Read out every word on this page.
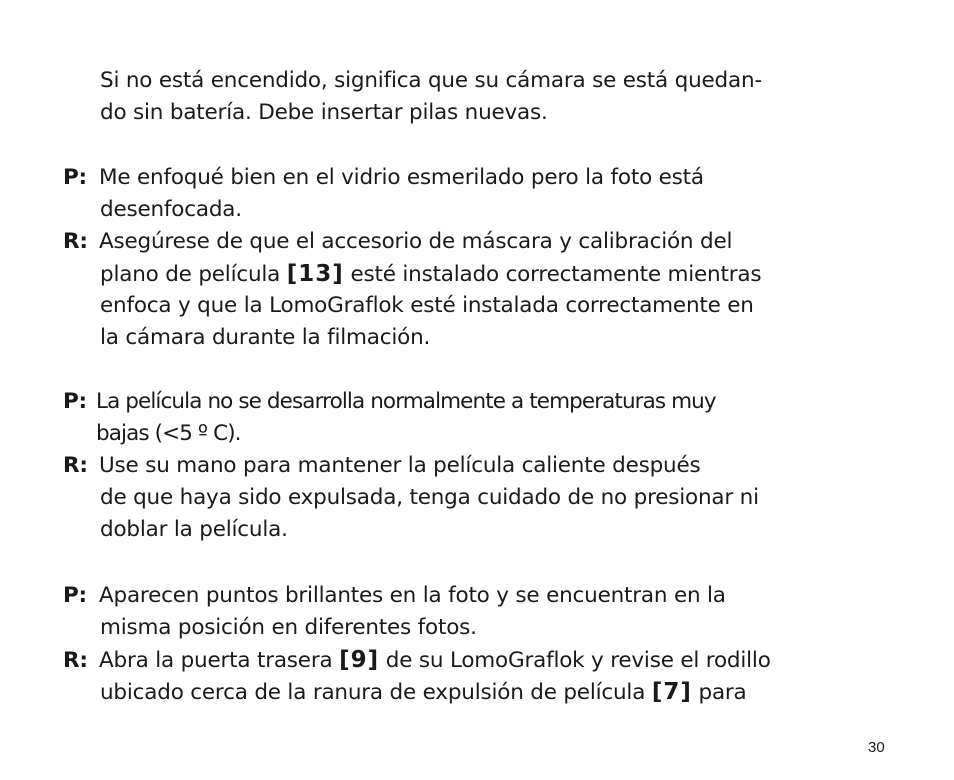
Si no está encendido, significa que su cámara se está quedan-
do sin batería. Debe insertar pilas nuevas.
P: Me enfoqué bien en el vidrio esmerilado pero la foto está
desenfocada.
R: Asegúrese de que el accesorio de máscara y calibración del
plano de película [13] esté instalado correctamente mientras
enfoca y que la LomoGraflok esté instalada correctamente en
la cámara durante la filmación.
P: La película no se desarrolla normalmente a temperaturas muy
bajas (<5 º C).
R: Use su mano para mantener la película caliente después
de que haya sido expulsada, tenga cuidado de no presionar ni
doblar la película.
P: Aparecen puntos brillantes en la foto y se encuentran en la
misma posición en diferentes fotos.
R: Abra la puerta trasera [9] de su LomoGraflok y revise el rodillo
ubicado cerca de la ranura de expulsión de película [7] para
30
